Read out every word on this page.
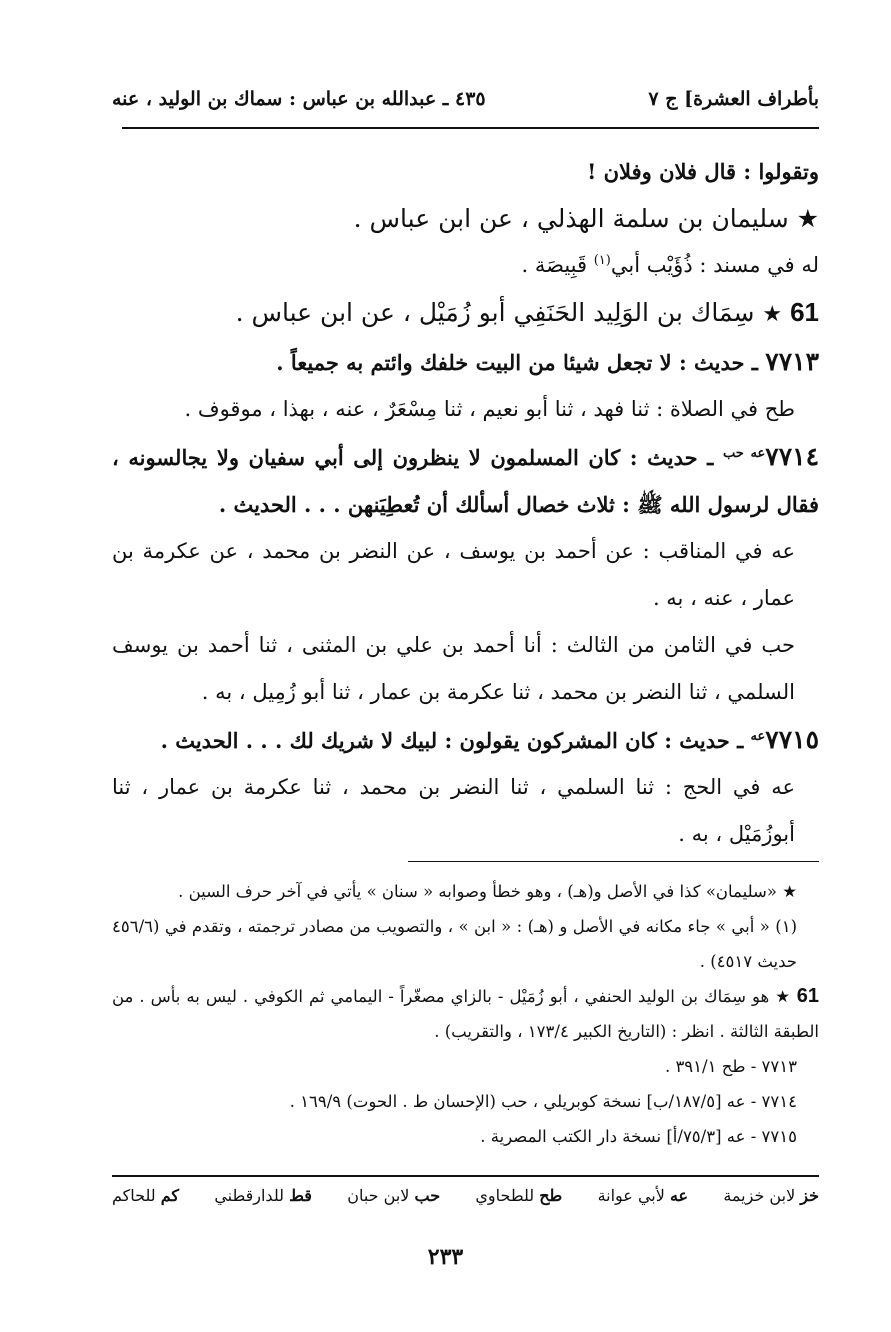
بأطراف العشرة] ج ٧
٤٣٥ ـ عبدالله بن عباس : سماك بن الوليد ، عنه

وتقولوا : قال فلان وفلان !

★ سليمان بن سلمة الهذلي ، عن ابن عباس .

له في مسند : ذُؤَيْب أبي$^{(١)}$ قَبِيصَة .

61 ★ سِمَاك بن الوَلِيد الحَنَفِي أبو زُمَيْل ، عن ابن عباس .

٧٧١٣ ـ حديث : لا تجعل شيئا من البيت خلفك وائتم به جميعاً .

طح في الصلاة : ثنا فهد ، ثنا أبو نعيم ، ثنا مِسْعَرٌ ، عنه ، بهذا ، موقوف .

$٧٧١٤^{عه حب}$ ـ حديث : كان المسلمون لا ينظرون إلى أبي سفيان ولا يجالسونه ، فقال لرسول الله ﷺ : ثلاث خصال أسألك أن تُعطِيَنهن . . . الحديث .

عه في المناقب : عن أحمد بن يوسف ، عن النضر بن محمد ، عن عكرمة بن عمار ، عنه ، به .

حب في الثامن من الثالث : أنا أحمد بن علي بن المثنى ، ثنا أحمد بن يوسف السلمي ، ثنا النضر بن محمد ، ثنا عكرمة بن عمار ، ثنا أبو زُمِيل ، به .

$٧٧١٥^{عه}$ ـ حديث : كان المشركون يقولون : لبيك لا شريك لك . . . الحديث .

عه في الحج : ثنا السلمي ، ثنا النضر بن محمد ، ثنا عكرمة بن عمار ، ثنا أبوزُمَيْل ، به .

★ «سليمان» كذا في الأصل و(هـ) ، وهو خطأ وصوابه « سنان » يأتي في آخر حرف السين .

(١) « أبي » جاء مكانه في الأصل و (هـ) : « ابن » ، والتصويب من مصادر ترجمته ، وتقدم في (٤٥٦/٦ حديث ٤٥١٧) .

61 ★ هو سِمَاك بن الوليد الحنفي ، أبو زُمَيْل - بالزاي مصغّراً - اليمامي ثم الكوفي . ليس به بأس . من الطبقة الثالثة . انظر : (التاريخ الكبير ١٧٣/٤ ، والتقريب) .

٧٧١٣ - طح ٣٩١/١ .

٧٧١٤ - عه [١٨٧/٥/ب] نسخة كوبريلي ، حب (الإحسان ط . الحوت) ١٦٩/٩ .

٧٧١٥ - عه [٧٥/٣/أ] نسخة دار الكتب المصرية .

خز لابن خزيمة
عه لأبي عوانة
طح للطحاوي
حب لابن حبان
قط للدارقطني
كم للحاكم
٢٣٣
